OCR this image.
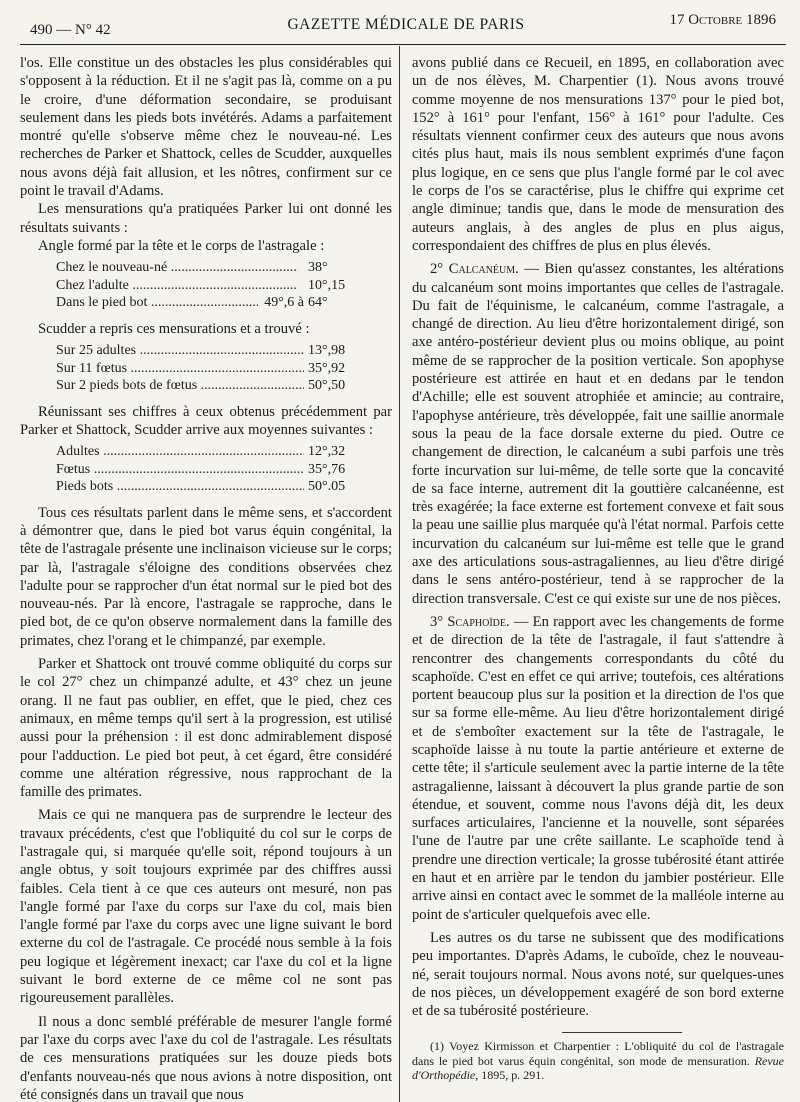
490 — N° 42	GAZETTE MÉDICALE DE PARIS	17 Octobre 1896

l'os. Elle constitue un des obstacles les plus considérables qui s'opposent à la réduction. Et il ne s'agit pas là, comme on a pu le croire, d'une déformation secondaire, se produisant seulement dans les pieds bots invétérés. Adams a parfaitement montré qu'elle s'observe même chez le nouveau-né. Les recherches de Parker et Shattock, celles de Scudder, auxquelles nous avons déjà fait allusion, et les nôtres, confirment sur ce point le travail d'Adams.

Les mensurations qu'a pratiquées Parker lui ont donné les résultats suivants :

Angle formé par la tête et le corps de l'astragale :

Chez le nouveau-né .....	38°
Chez l'adulte .....	10°,15
Dans le pied bot .....	49°,6 à 64°

Scudder a repris ces mensurations et a trouvé :

Sur 25 adultes .....	13°,98
Sur 11 fœtus .....	35°,92
Sur 2 pieds bots de fœtus .....	50°,50

Réunissant ses chiffres à ceux obtenus précédemment par Parker et Shattock, Scudder arrive aux moyennes suivantes :

Adultes .....	12°,32
Fœtus .....	35°,76
Pieds bots .....	50°.05

Tous ces résultats parlent dans le même sens, et s'accordent à démontrer que, dans le pied bot varus équin congénital, la tête de l'astragale présente une inclinaison vicieuse sur le corps; par là, l'astragale s'éloigne des conditions observées chez l'adulte pour se rapprocher d'un état normal sur le pied bot des nouveau-nés. Par là encore, l'astragale se rapproche, dans le pied bot, de ce qu'on observe normalement dans la famille des primates, chez l'orang et le chimpanzé, par exemple.

Parker et Shattock ont trouvé comme obliquité du corps sur le col 27° chez un chimpanzé adulte, et 43° chez un jeune orang. Il ne faut pas oublier, en effet, que le pied, chez ces animaux, en même temps qu'il sert à la progression, est utilisé aussi pour la préhension : il est donc admirablement disposé pour l'adduction. Le pied bot peut, à cet égard, être considéré comme une altération régressive, nous rapprochant de la famille des primates.

Mais ce qui ne manquera pas de surprendre le lecteur des travaux précédents, c'est que l'obliquité du col sur le corps de l'astragale qui, si marquée qu'elle soit, répond toujours à un angle obtus, y soit toujours exprimée par des chiffres aussi faibles. Cela tient à ce que ces auteurs ont mesuré, non pas l'angle formé par l'axe du corps sur l'axe du col, mais bien l'angle formé par l'axe du corps avec une ligne suivant le bord externe du col de l'astragale. Ce procédé nous semble à la fois peu logique et légèrement inexact; car l'axe du col et la ligne suivant le bord externe de ce même col ne sont pas rigoureusement parallèles.

Il nous a donc semblé préférable de mesurer l'angle formé par l'axe du corps avec l'axe du col de l'astragale. Les résultats de ces mensurations pratiquées sur les douze pieds bots d'enfants nouveau-nés que nous avions à notre disposition, ont été consignés dans un travail que nous

avons publié dans ce Recueil, en 1895, en collaboration avec un de nos élèves, M. Charpentier (1). Nous avons trouvé comme moyenne de nos mensurations 137° pour le pied bot, 152° à 161° pour l'enfant, 156° à 161° pour l'adulte. Ces résultats viennent confirmer ceux des auteurs que nous avons cités plus haut, mais ils nous semblent exprimés d'une façon plus logique, en ce sens que plus l'angle formé par le col avec le corps de l'os se caractérise, plus le chiffre qui exprime cet angle diminue; tandis que, dans le mode de mensuration des auteurs anglais, à des angles de plus en plus aigus, correspondaient des chiffres de plus en plus élevés.

2° Calcanéum. — Bien qu'assez constantes, les altérations du calcanéum sont moins importantes que celles de l'astragale. Du fait de l'équinisme, le calcanéum, comme l'astragale, a changé de direction. Au lieu d'être horizontalement dirigé, son axe antéro-postérieur devient plus ou moins oblique, au point même de se rapprocher de la position verticale. Son apophyse postérieure est attirée en haut et en dedans par le tendon d'Achille; elle est souvent atrophiée et amincie; au contraire, l'apophyse antérieure, très développée, fait une saillie anormale sous la peau de la face dorsale externe du pied. Outre ce changement de direction, le calcanéum a subi parfois une très forte incurvation sur lui-même, de telle sorte que la concavité de sa face interne, autrement dit la gouttière calcanéenne, est très exagérée; la face externe est fortement convexe et fait sous la peau une saillie plus marquée qu'à l'état normal. Parfois cette incurvation du calcanéum sur lui-même est telle que le grand axe des articulations sous-astragaliennes, au lieu d'être dirigé dans le sens antéro-postérieur, tend à se rapprocher de la direction transversale. C'est ce qui existe sur une de nos pièces.

3° Scaphoïde. — En rapport avec les changements de forme et de direction de la tête de l'astragale, il faut s'attendre à rencontrer des changements correspondants du côté du scaphoïde. C'est en effet ce qui arrive; toutefois, ces altérations portent beaucoup plus sur la position et la direction de l'os que sur sa forme elle-même. Au lieu d'être horizontalement dirigé et de s'emboîter exactement sur la tête de l'astragale, le scaphoïde laisse à nu toute la partie antérieure et externe de cette tête; il s'articule seulement avec la partie interne de la tête astragalienne, laissant à découvert la plus grande partie de son étendue, et souvent, comme nous l'avons déjà dit, les deux surfaces articulaires, l'ancienne et la nouvelle, sont séparées l'une de l'autre par une crête saillante. Le scaphoïde tend à prendre une direction verticale; la grosse tubérosité étant attirée en haut et en arrière par le tendon du jambier postérieur. Elle arrive ainsi en contact avec le sommet de la malléole interne au point de s'articuler quelquefois avec elle.

Les autres os du tarse ne subissent que des modifications peu importantes. D'après Adams, le cuboïde, chez le nouveau-né, serait toujours normal. Nous avons noté, sur quelques-unes de nos pièces, un développement exagéré de son bord externe et de sa tubérosité postérieure.

(1) Voyez Kirmisson et Charpentier : L'obliquité du col de l'astragale dans le pied bot varus équin congénital, son mode de mensuration. Revue d'Orthopédie, 1895, p. 291.
